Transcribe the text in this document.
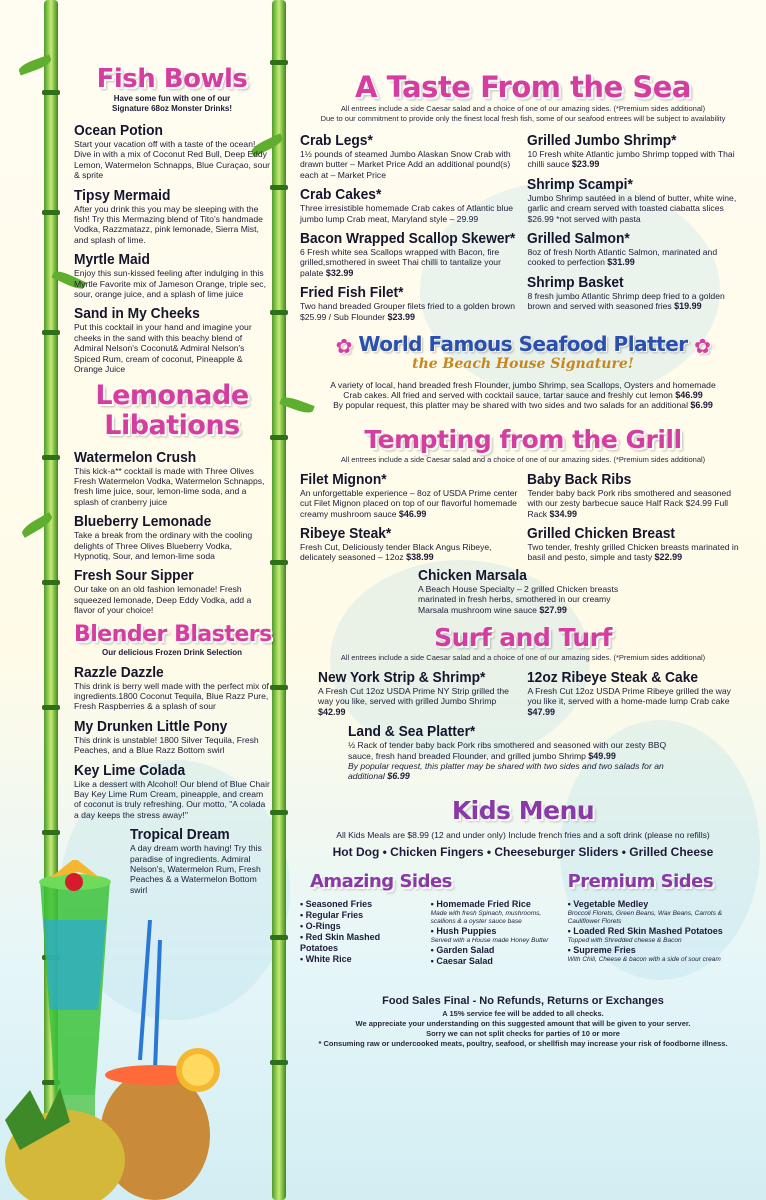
Fish Bowls
Have some fun with one of our Signature 68oz Monster Drinks!
Ocean Potion
Start your vacation off with a taste of the ocean! Dive in with a mix of Coconut Red Bull, Deep Eddy Lemon, Watermelon Schnapps, Blue Curaçao, sour & sprite
Tipsy Mermaid
After you drink this you may be sleeping with the fish! Try this Mermazing blend of Tito's handmade Vodka, Razzmatazz, pink lemonade, Sierra Mist, and splash of lime.
Myrtle Maid
Enjoy this sun-kissed feeling after indulging in this Myrtle Favorite mix of Jameson Orange, triple sec, sour, orange juice, and a splash of lime juice
Sand in My Cheeks
Put this cocktail in your hand and imagine your cheeks in the sand with this beachy blend of Admiral Nelson's Coconut& Admiral Nelson's Spiced Rum, cream of coconut, Pineapple & Orange Juice
Lemonade
Libations
Watermelon Crush
This kick-a** cocktail is made with Three Olives Fresh Watermelon Vodka, Watermelon Schnapps, fresh lime juice, sour, lemon-lime soda, and a splash of cranberry juice
Blueberry Lemonade
Take a break from the ordinary with the cooling delights of Three Olives Blueberry Vodka, Hypnotiq, Sour, and lemon-lime soda
Fresh Sour Sipper
Our take on an old fashion lemonade! Fresh squeezed lemonade, Deep Eddy Vodka, add a flavor of your choice!
Blender Blasters
Our delicious Frozen Drink Selection
Razzle Dazzle
This drink is berry well made with the perfect mix of ingredients.1800 Coconut Tequila, Blue Razz Pure, Fresh Raspberries & a splash of sour
My Drunken Little Pony
This drink is unstable! 1800 Silver Tequila, Fresh Peaches, and a Blue Razz Bottom swirl
Key Lime Colada
Like a dessert with Alcohol! Our blend of Blue Chair Bay Key Lime Rum Cream, pineapple, and cream of coconut is truly refreshing. Our motto, "A colada a day keeps the stress away!"
Tropical Dream
A day dream worth having! Try this paradise of ingredients. Admiral Nelson's, Watermelon Rum, Fresh Peaches & a Watermelon Bottom swirl
A Taste From the Sea
All entrees include a side Caesar salad and a choice of one of our amazing sides. (*Premium sides additional)
Due to our commitment to provide only the finest local fresh fish, some of our seafood entrees will be subject to availability
Crab Legs*
1½ pounds of steamed Jumbo Alaskan Snow Crab with drawn butter – Market Price Add an additional pound(s) each at – Market Price
Crab Cakes*
Three irresistible homemade Crab cakes of Atlantic blue jumbo lump Crab meat, Maryland style – 29.99
Bacon Wrapped Scallop Skewer*
6 Fresh white sea Scallops wrapped with Bacon, fire grilled,smothered in sweet Thai chilli to tantalize your palate $32.99
Fried Fish Filet*
Two hand breaded Grouper filets fried to a golden brown $25.99 / Sub Flounder $23.99
Grilled Jumbo Shrimp*
10 Fresh white Atlantic jumbo Shrimp topped with Thai chilli sauce $23.99
Shrimp Scampi*
Jumbo Shrimp sautéed in a blend of butter, white wine, garlic and cream served with toasted ciabatta slices $26.99 *not served with pasta
Grilled Salmon*
8oz of fresh North Atlantic Salmon, marinated and cooked to perfection $31.99
Shrimp Basket
8 fresh jumbo Atlantic Shrimp deep fried to a golden brown and served with seasoned fries $19.99
✿ World Famous Seafood Platter ✿
the Beach House Signature!
A variety of local, hand breaded fresh Flounder, jumbo Shrimp, sea Scallops, Oysters and homemade Crab cakes. All fried and served with cocktail sauce, tartar sauce and freshly cut lemon $46.99
By popular request, this platter may be shared with two sides and two salads for an additional $6.99
Tempting from the Grill
All entrees include a side Caesar salad and a choice of one of our amazing sides. (*Premium sides additional)
Filet Mignon*
An unforgettable experience – 8oz of USDA Prime center cut Filet Mignon placed on top of our flavorful homemade creamy mushroom sauce $46.99
Ribeye Steak*
Fresh Cut, Deliciously tender Black Angus Ribeye, delicately seasoned – 12oz $38.99
Baby Back Ribs
Tender baby back Pork ribs smothered and seasoned with our zesty barbecue sauce Half Rack $24.99 Full Rack $34.99
Grilled Chicken Breast
Two tender, freshly grilled Chicken breasts marinated in basil and pesto, simple and tasty $22.99
Chicken Marsala
A Beach House Specialty – 2 grilled Chicken breasts marinated in fresh herbs, smothered in our creamy Marsala mushroom wine sauce $27.99
Surf and Turf
All entrees include a side Caesar salad and a choice of one of our amazing sides. (*Premium sides additional)
New York Strip & Shrimp*
A Fresh Cut 12oz USDA Prime NY Strip grilled the way you like, served with grilled Jumbo Shrimp $42.99
12oz Ribeye Steak & Cake
A Fresh Cut 12oz USDA Prime Ribeye grilled the way you like it, served with a home-made lump Crab cake $47.99
Land & Sea Platter*
½ Rack of tender baby back Pork ribs smothered and seasoned with our zesty BBQ sauce, fresh hand breaded Flounder, and grilled jumbo Shrimp $49.99
By popular request, this platter may be shared with two sides and two salads for an additional $6.99
Kids Menu
All Kids Meals are $8.99 (12 and under only) Include french fries and a soft drink (please no refills)
Hot Dog • Chicken Fingers • Cheeseburger Sliders • Grilled Cheese
Amazing Sides
• Seasoned Fries
• Regular Fries
• O-Rings
• Red Skin Mashed Potatoes
• White Rice
• Homemade Fried Rice
Made with fresh Spinach, mushrooms, scallions & a oyster sauce base
• Hush Puppies
Served with a House made Honey Butter
• Garden Salad
• Caesar Salad
Premium Sides
• Vegetable Medley
Broccoli Florets, Green Beans, Wax Beans, Carrots & Cauliflower Florets
• Loaded Red Skin Mashed Potatoes
Topped with Shredded cheese & Bacon
• Supreme Fries
With Chili, Cheese & bacon with a side of sour cream
Food Sales Final - No Refunds, Returns or Exchanges
A 15% service fee will be added to all checks.
We appreciate your understanding on this suggested amount that will be given to your server.
Sorry we can not split checks for parties of 10 or more
* Consuming raw or undercooked meats, poultry, seafood, or shellfish may increase your risk of foodborne illness.
